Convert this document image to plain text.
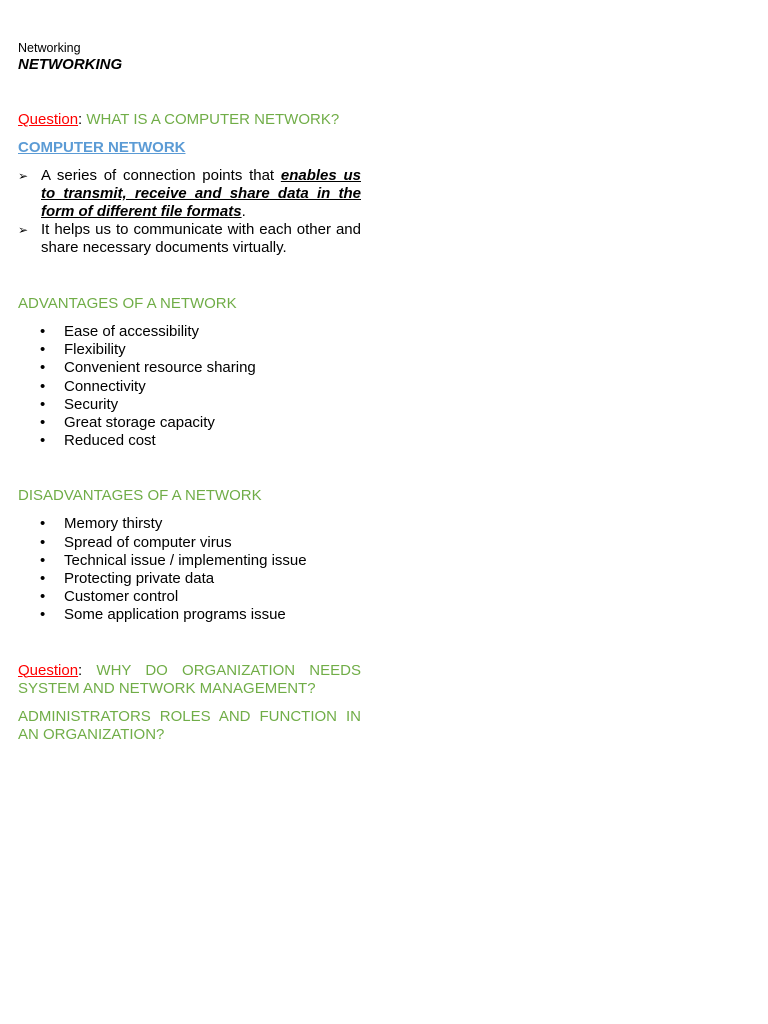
Networking

NETWORKING

Question: WHAT IS A COMPUTER NETWORK?

COMPUTER NETWORK

➢ A series of connection points that enables us to transmit, receive and share data in the form of different file formats.
➢ It helps us to communicate with each other and share necessary documents virtually.

ADVANTAGES OF A NETWORK

• Ease of accessibility
• Flexibility
• Convenient resource sharing
• Connectivity
• Security
• Great storage capacity
• Reduced cost

DISADVANTAGES OF A NETWORK

• Memory thirsty
• Spread of computer virus
• Technical issue / implementing issue
• Protecting private data
• Customer control
• Some application programs issue

Question: WHY DO ORGANIZATION NEEDS SYSTEM AND NETWORK MANAGEMENT?

ADMINISTRATORS ROLES AND FUNCTION IN AN ORGANIZATION?
